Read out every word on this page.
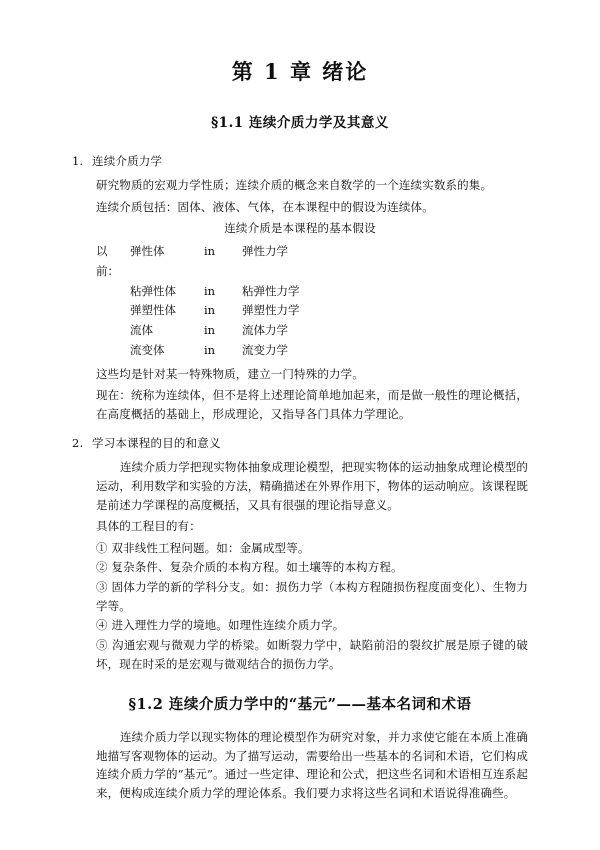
第 1 章 绪论
§1.1 连续介质力学及其意义
1. 连续介质力学

研究物质的宏观力学性质；连续介质的概念来自数学的一个连续实数系的集。

连续介质包括：固体、液体、气体，在本课程中的假设为连续体。

连续介质是本课程的基本假设

以前：
弹性体	in	弹性力学
粘弹性体	in	粘弹性力学
弹塑性体	in	弹塑性力学
流体	in	流体力学
流变体	in	流变力学

这些均是针对某一特殊物质，建立一门特殊的力学。

现在：统称为连续体，但不是将上述理论简单地加起来，而是做一般性的理论概括，在高度概括的基础上，形成理论，又指导各门具体力学理论。

2. 学习本课程的目的和意义

连续介质力学把现实物体抽象成理论模型，把现实物体的运动抽象成理论模型的运动，利用数学和实验的方法，精确描述在外界作用下，物体的运动响应。该课程既是前述力学课程的高度概括，又具有很强的理论指导意义。

具体的工程目的有：

① 双非线性工程问题。如：金属成型等。

② 复杂条件、复杂介质的本构方程。如土壤等的本构方程。

③ 固体力学的新的学科分支。如：损伤力学（本构方程随损伤程度面变化）、生物力学等。

④ 进入理性力学的境地。如理性连续介质力学。

⑤ 沟通宏观与微观力学的桥梁。如断裂力学中，缺陷前沿的裂纹扩展是原子键的破坏，现在时采的是宏观与微观结合的损伤力学。

§1.2 连续介质力学中的“基元”——基本名词和术语

连续介质力学以现实物体的理论模型作为研究对象，并力求使它能在本质上准确地描写客观物体的运动。为了描写运动，需要给出一些基本的名词和术语，它们构成连续介质力学的“基元”。通过一些定律、理论和公式，把这些名词和术语相互连系起来，便构成连续介质力学的理论体系。我们要力求将这些名词和术语说得准确些。
